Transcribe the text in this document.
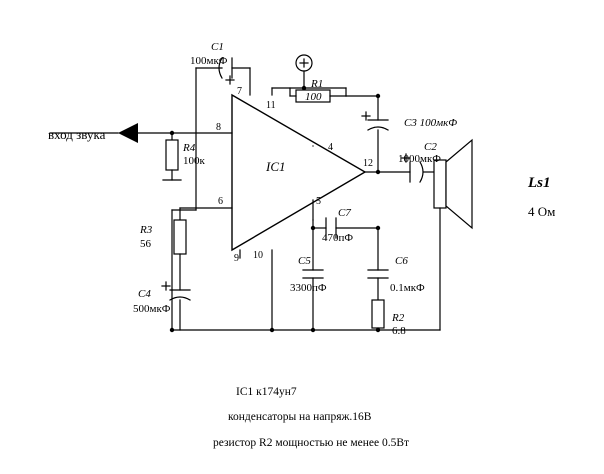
C1
100мкФ
R1
100
C3 100мкФ
C2
1000мкФ
R4
100к
C7
470пФ
R3
56
C5
3300пФ
C6
0.1мкФ
C4
500мкФ
R2
6.8
IC1
7
11
8
4
12
6	5
10
9
вход звука
Ls1
4 Ом
IC1 к174ун7
конденсаторы на напряж.16В
резистор R2 мощностью не менее 0.5Вт
